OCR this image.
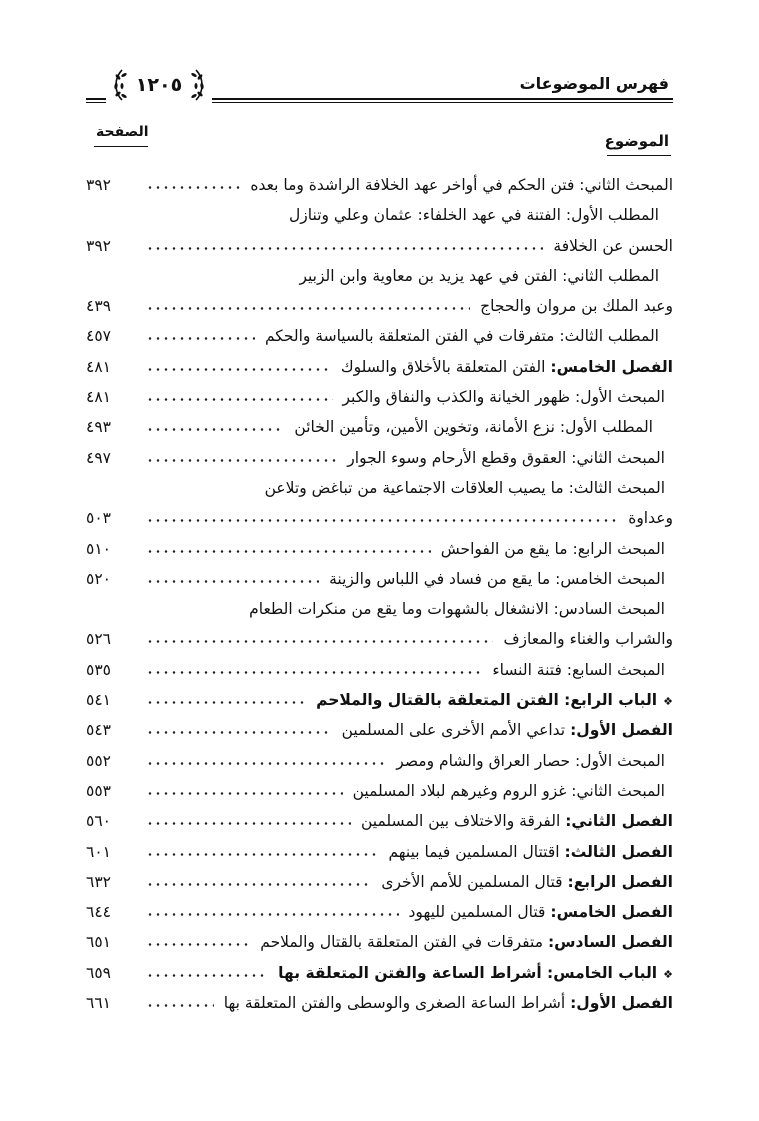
فهرس الموضوعات
١٢٠٥
الموضوع
الصفحة
المبحث الثاني: فتن الحكم في أواخر عهد الخلافة الراشدة وما بعده
٣٩٢
المطلب الأول: الفتنة في عهد الخلفاء: عثمان وعلي وتنازل
الحسن عن الخلافة
٣٩٢
المطلب الثاني: الفتن في عهد يزيد بن معاوية وابن الزبير
وعبد الملك بن مروان والحجاج
٤٣٩
المطلب الثالث: متفرقات في الفتن المتعلقة بالسياسة والحكم
٤٥٧
الفصل الخامس: الفتن المتعلقة بالأخلاق والسلوك
٤٨١
المبحث الأول: ظهور الخيانة والكذب والنفاق والكبر
٤٨١
المطلب الأول: نزع الأمانة، وتخوين الأمين، وتأمين الخائن
٤٩٣
المبحث الثاني: العقوق وقطع الأرحام وسوء الجوار
٤٩٧
المبحث الثالث: ما يصيب العلاقات الاجتماعية من تباغض وتلاعن
وعداوة
٥٠٣
المبحث الرابع: ما يقع من الفواحش
٥١٠
المبحث الخامس: ما يقع من فساد في اللباس والزينة
٥٢٠
المبحث السادس: الانشغال بالشهوات وما يقع من منكرات الطعام
والشراب والغناء والمعازف
٥٢٦
المبحث السابع: فتنة النساء
٥٣٥
❖الباب الرابع: الفتن المتعلقة بالقتال والملاحم
٥٤١
الفصل الأول: تداعي الأمم الأخرى على المسلمين
٥٤٣
المبحث الأول: حصار العراق والشام ومصر
٥٥٢
المبحث الثاني: غزو الروم وغيرهم لبلاد المسلمين
٥٥٣
الفصل الثاني: الفرقة والاختلاف بين المسلمين
٥٦٠
الفصل الثالث: اقتتال المسلمين فيما بينهم
٦٠١
الفصل الرابع: قتال المسلمين للأمم الأخرى
٦٣٢
الفصل الخامس: قتال المسلمين لليهود
٦٤٤
الفصل السادس: متفرقات في الفتن المتعلقة بالقتال والملاحم
٦٥١
❖الباب الخامس: أشراط الساعة والفتن المتعلقة بها
٦٥٩
الفصل الأول: أشراط الساعة الصغرى والوسطى والفتن المتعلقة بها
٦٦١
